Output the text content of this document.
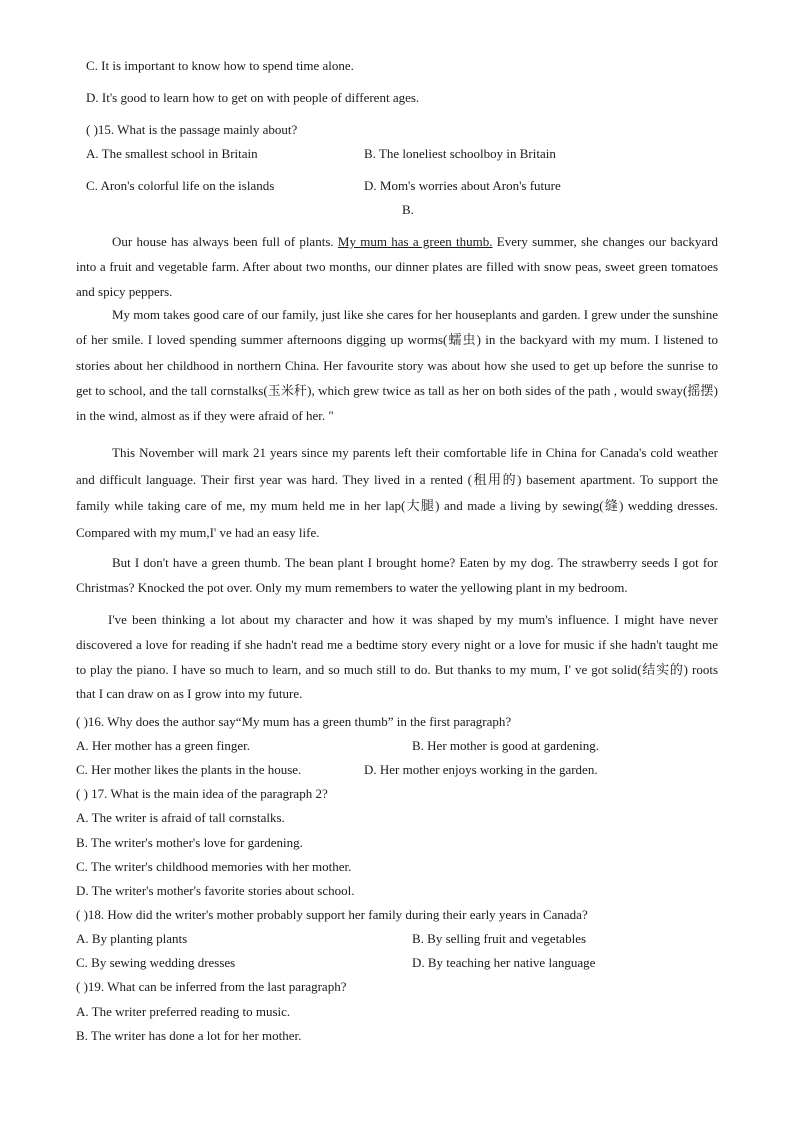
C. It is important to know how to spend time alone.
D. It's good to learn how to get on with people of different ages.
( )15. What is the passage mainly about?
A. The smallest school in Britain	B. The loneliest schoolboy in Britain
C. Aron's colorful life on the islands	D. Mom's worries about Aron's future
B.
Our house has always been full of plants. My mum has a green thumb. Every summer, she changes our backyard into a fruit and vegetable farm. After about two months, our dinner plates are filled with snow peas, sweet green tomatoes and spicy peppers.
My mom takes good care of our family, just like she cares for her houseplants and garden. I grew under the sunshine of her smile. I loved spending summer afternoons digging up worms(蠕虫) in the backyard with my mum. I listened to stories about her childhood in northern China. Her favourite story was about how she used to get up before the sunrise to get to school, and the tall cornstalks(玉米秆), which grew twice as tall as her on both sides of the path , would sway(摇摆) in the wind, almost as if they were afraid of her. "
This November will mark 21 years since my parents left their comfortable life in China for Canada's cold weather and difficult language. Their first year was hard. They lived in a rented (租用的) basement apartment. To support the family while taking care of me, my mum held me in her lap(大腿) and made a living by sewing(缝) wedding dresses. Compared with my mum,I' ve had an easy life.
But I don't have a green thumb. The bean plant I brought home? Eaten by my dog. The strawberry seeds I got for Christmas? Knocked the pot over. Only my mum remembers to water the yellowing plant in my bedroom.
I've been thinking a lot about my character and how it was shaped by my mum's influence. I might have never discovered a love for reading if she hadn't read me a bedtime story every night or a love for music if she hadn't taught me to play the piano. I have so much to learn, and so much still to do. But thanks to my mum, I' ve got solid(结实的) roots that I can draw on as I grow into my future.
( )16. Why does the author say“My mum has a green thumb” in the first paragraph?
A. Her mother has a green finger.	B. Her mother is good at gardening.
C. Her mother likes the plants in the house.	D. Her mother enjoys working in the garden.
( ) 17. What is the main idea of the paragraph 2?
A. The writer is afraid of tall cornstalks.
B. The writer's mother's love for gardening.
C. The writer's childhood memories with her mother.
D. The writer's mother's favorite stories about school.
( )18. How did the writer's mother probably support her family during their early years in Canada?
A. By planting plants	B. By selling fruit and vegetables
C. By sewing wedding dresses	D. By teaching her native language
( )19. What can be inferred from the last paragraph?
A. The writer preferred reading to music.
B. The writer has done a lot for her mother.
